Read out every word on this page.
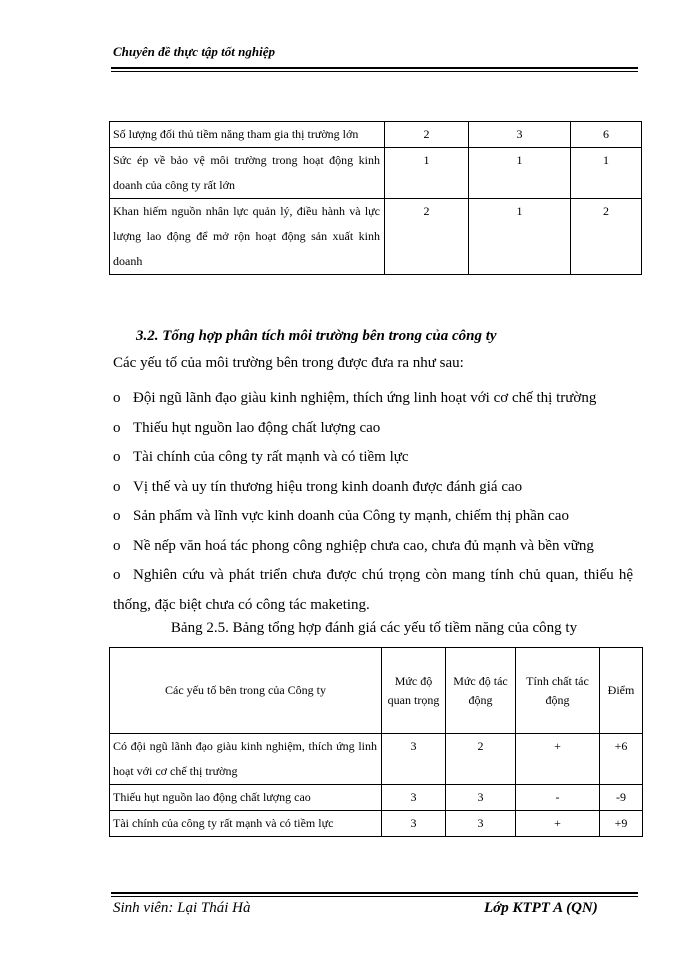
Chuyên đề thực tập tốt nghiệp
Số lượng đối thủ tiềm năng tham gia thị trường lớn	2	3	6
Sức ép về bảo vệ môi trường trong hoạt động kinh doanh của công ty rất lớn	1	1	1
Khan hiếm nguồn nhân lực quản lý, điều hành và lực lượng lao động để mở rộn hoạt động sản xuất kinh doanh	2	1	2
3.2. Tổng hợp phân tích môi trường bên trong của công ty
Các yếu tố của môi trường bên trong được đưa ra như sau:
o Đội ngũ lãnh đạo giàu kinh nghiệm, thích ứng linh hoạt với cơ chế thị trường
o Thiếu hụt nguồn lao động chất lượng cao
o Tài chính của công ty rất mạnh và có tiềm lực
o Vị thế và uy tín thương hiệu trong kinh doanh được đánh giá cao
o Sản phẩm và lĩnh vực kinh doanh của Công ty mạnh, chiếm thị phần cao
o Nề nếp văn hoá tác phong công nghiệp chưa cao, chưa đủ mạnh và bền vững
o Nghiên cứu và phát triển chưa được chú trọng còn mang tính chủ quan, thiếu hệ thống, đặc biệt chưa có công tác maketing.
Bảng 2.5. Bảng tổng hợp đánh giá các yếu tố tiềm năng của công ty
Các yếu tố bên trong của Công ty	Mức độ quan trọng	Mức độ tác động	Tính chất tác động	Điểm
Có đội ngũ lãnh đạo giàu kinh nghiệm, thích ứng linh hoạt với cơ chế thị trường	3	2	+	+6
Thiếu hụt nguồn lao động chất lượng cao	3	3	-	-9
Tài chính của công ty rất mạnh và có tiềm lực	3	3	+	+9
Sinh viên: Lại Thái Hà	Lớp KTPT A (QN)
